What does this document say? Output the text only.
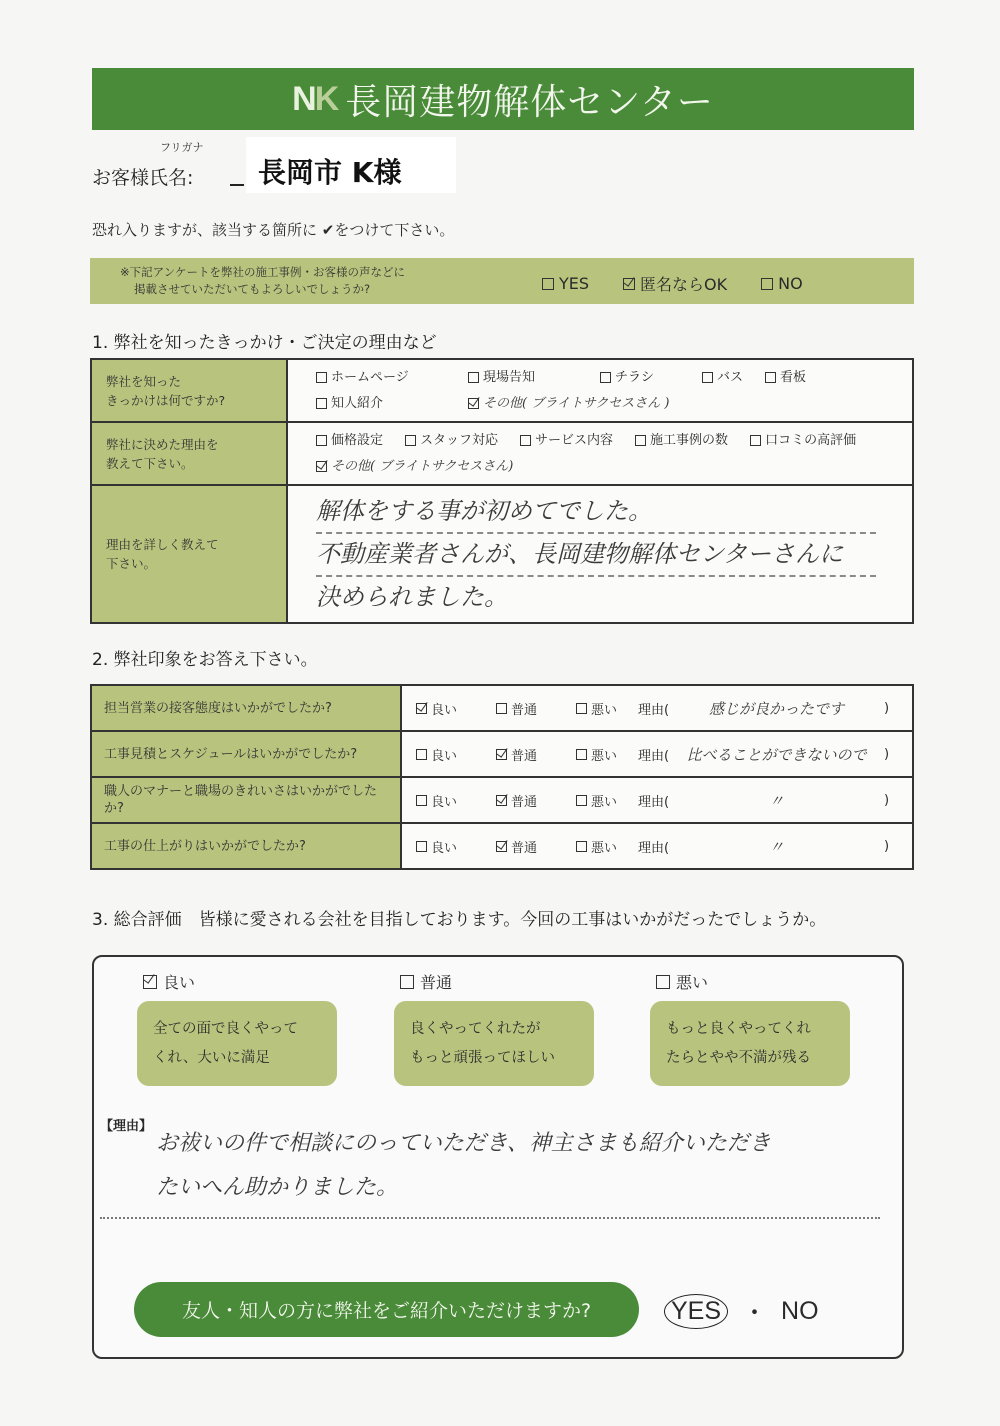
N K 長岡建物解体センター
フリガナ
お客様氏名: 長岡市 K様
恐れ入りますが、該当する箇所に ✔をつけて下さい。
※下記アンケートを弊社の施工事例・お客様の声などに
掲載させていただいてもよろしいでしょうか?	YES	匿名ならOK	NO
1. 弊社を知ったきっかけ・ご決定の理由など
弊社を知った
きっかけは何ですか?

ホームページ	現場告知	チラシ	バス	看板
知人紹介	その他( ブライトサクセスさん )

弊社に決めた理由を
教えて下さい。

価格設定	スタッフ対応	サービス内容	施工事例の数	口コミの高評価
その他( ブライトサクセスさん)

理由を詳しく教えて
下さい。

解体をする事が初めてでした。
不動産業者さんが、長岡建物解体センターさんに
決められました。
2. 弊社印象をお答え下さい。
担当営業の接客態度はいかがでしたか?	良い	普通	悪い 理由(	感じが良かったです	)

工事見積とスケジュールはいかがでしたか?	良い	普通	悪い 理由(	比べることができないので	)

職人のマナーと職場のきれいさはいかがでしたか?	良い	普通	悪い 理由(	〃	)

工事の仕上がりはいかがでしたか?	良い	普通	悪い 理由(	〃	)
3. 総合評価　皆様に愛される会社を目指しております。今回の工事はいかがだったでしょうか。
良い
全ての面で良くやって
くれ、大いに満足
普通
良くやってくれたが
もっと頑張ってほしい
悪い
もっと良くやってくれ
たらとやや不満が残る
【理由】
お祓いの件で相談にのっていただき、神主さまも紹介いただき
たいへん助かりました。
友人・知人の方に弊社をご紹介いただけますか?	YES ・ NO
